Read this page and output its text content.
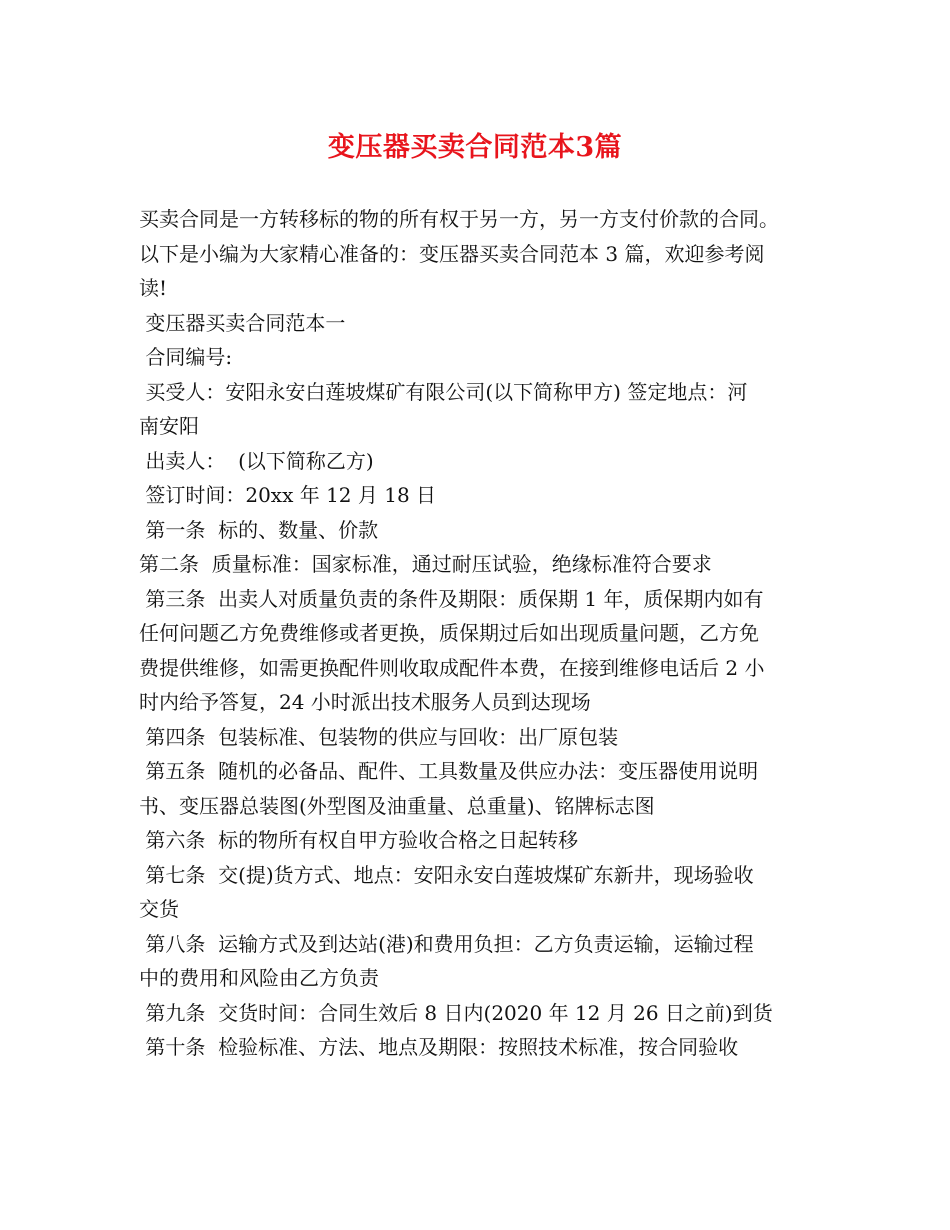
变压器买卖合同范本3篇
买卖合同是一方转移标的物的所有权于另一方，另一方支付价款的合同。
以下是小编为大家精心准备的：变压器买卖合同范本 3 篇，欢迎参考阅
读!
变压器买卖合同范本一
合同编号:
买受人：安阳永安白莲坡煤矿有限公司(以下简称甲方) 签定地点：河
南安阳
出卖人：  (以下简称乙方)
签订时间：20xx 年 12 月 18 日
第一条  标的、数量、价款
第二条  质量标准：国家标准，通过耐压试验，绝缘标准符合要求
第三条  出卖人对质量负责的条件及期限：质保期 1 年，质保期内如有
任何问题乙方免费维修或者更换，质保期过后如出现质量问题，乙方免
费提供维修，如需更换配件则收取成配件本费，在接到维修电话后 2 小
时内给予答复，24 小时派出技术服务人员到达现场
第四条  包装标准、包装物的供应与回收：出厂原包装
第五条  随机的必备品、配件、工具数量及供应办法：变压器使用说明
书、变压器总装图(外型图及油重量、总重量)、铭牌标志图
第六条  标的物所有权自甲方验收合格之日起转移
第七条  交(提)货方式、地点：安阳永安白莲坡煤矿东新井，现场验收
交货
第八条  运输方式及到达站(港)和费用负担：乙方负责运输，运输过程
中的费用和风险由乙方负责
第九条  交货时间：合同生效后 8 日内(2020 年 12 月 26 日之前)到货
第十条  检验标准、方法、地点及期限：按照技术标准，按合同验收
